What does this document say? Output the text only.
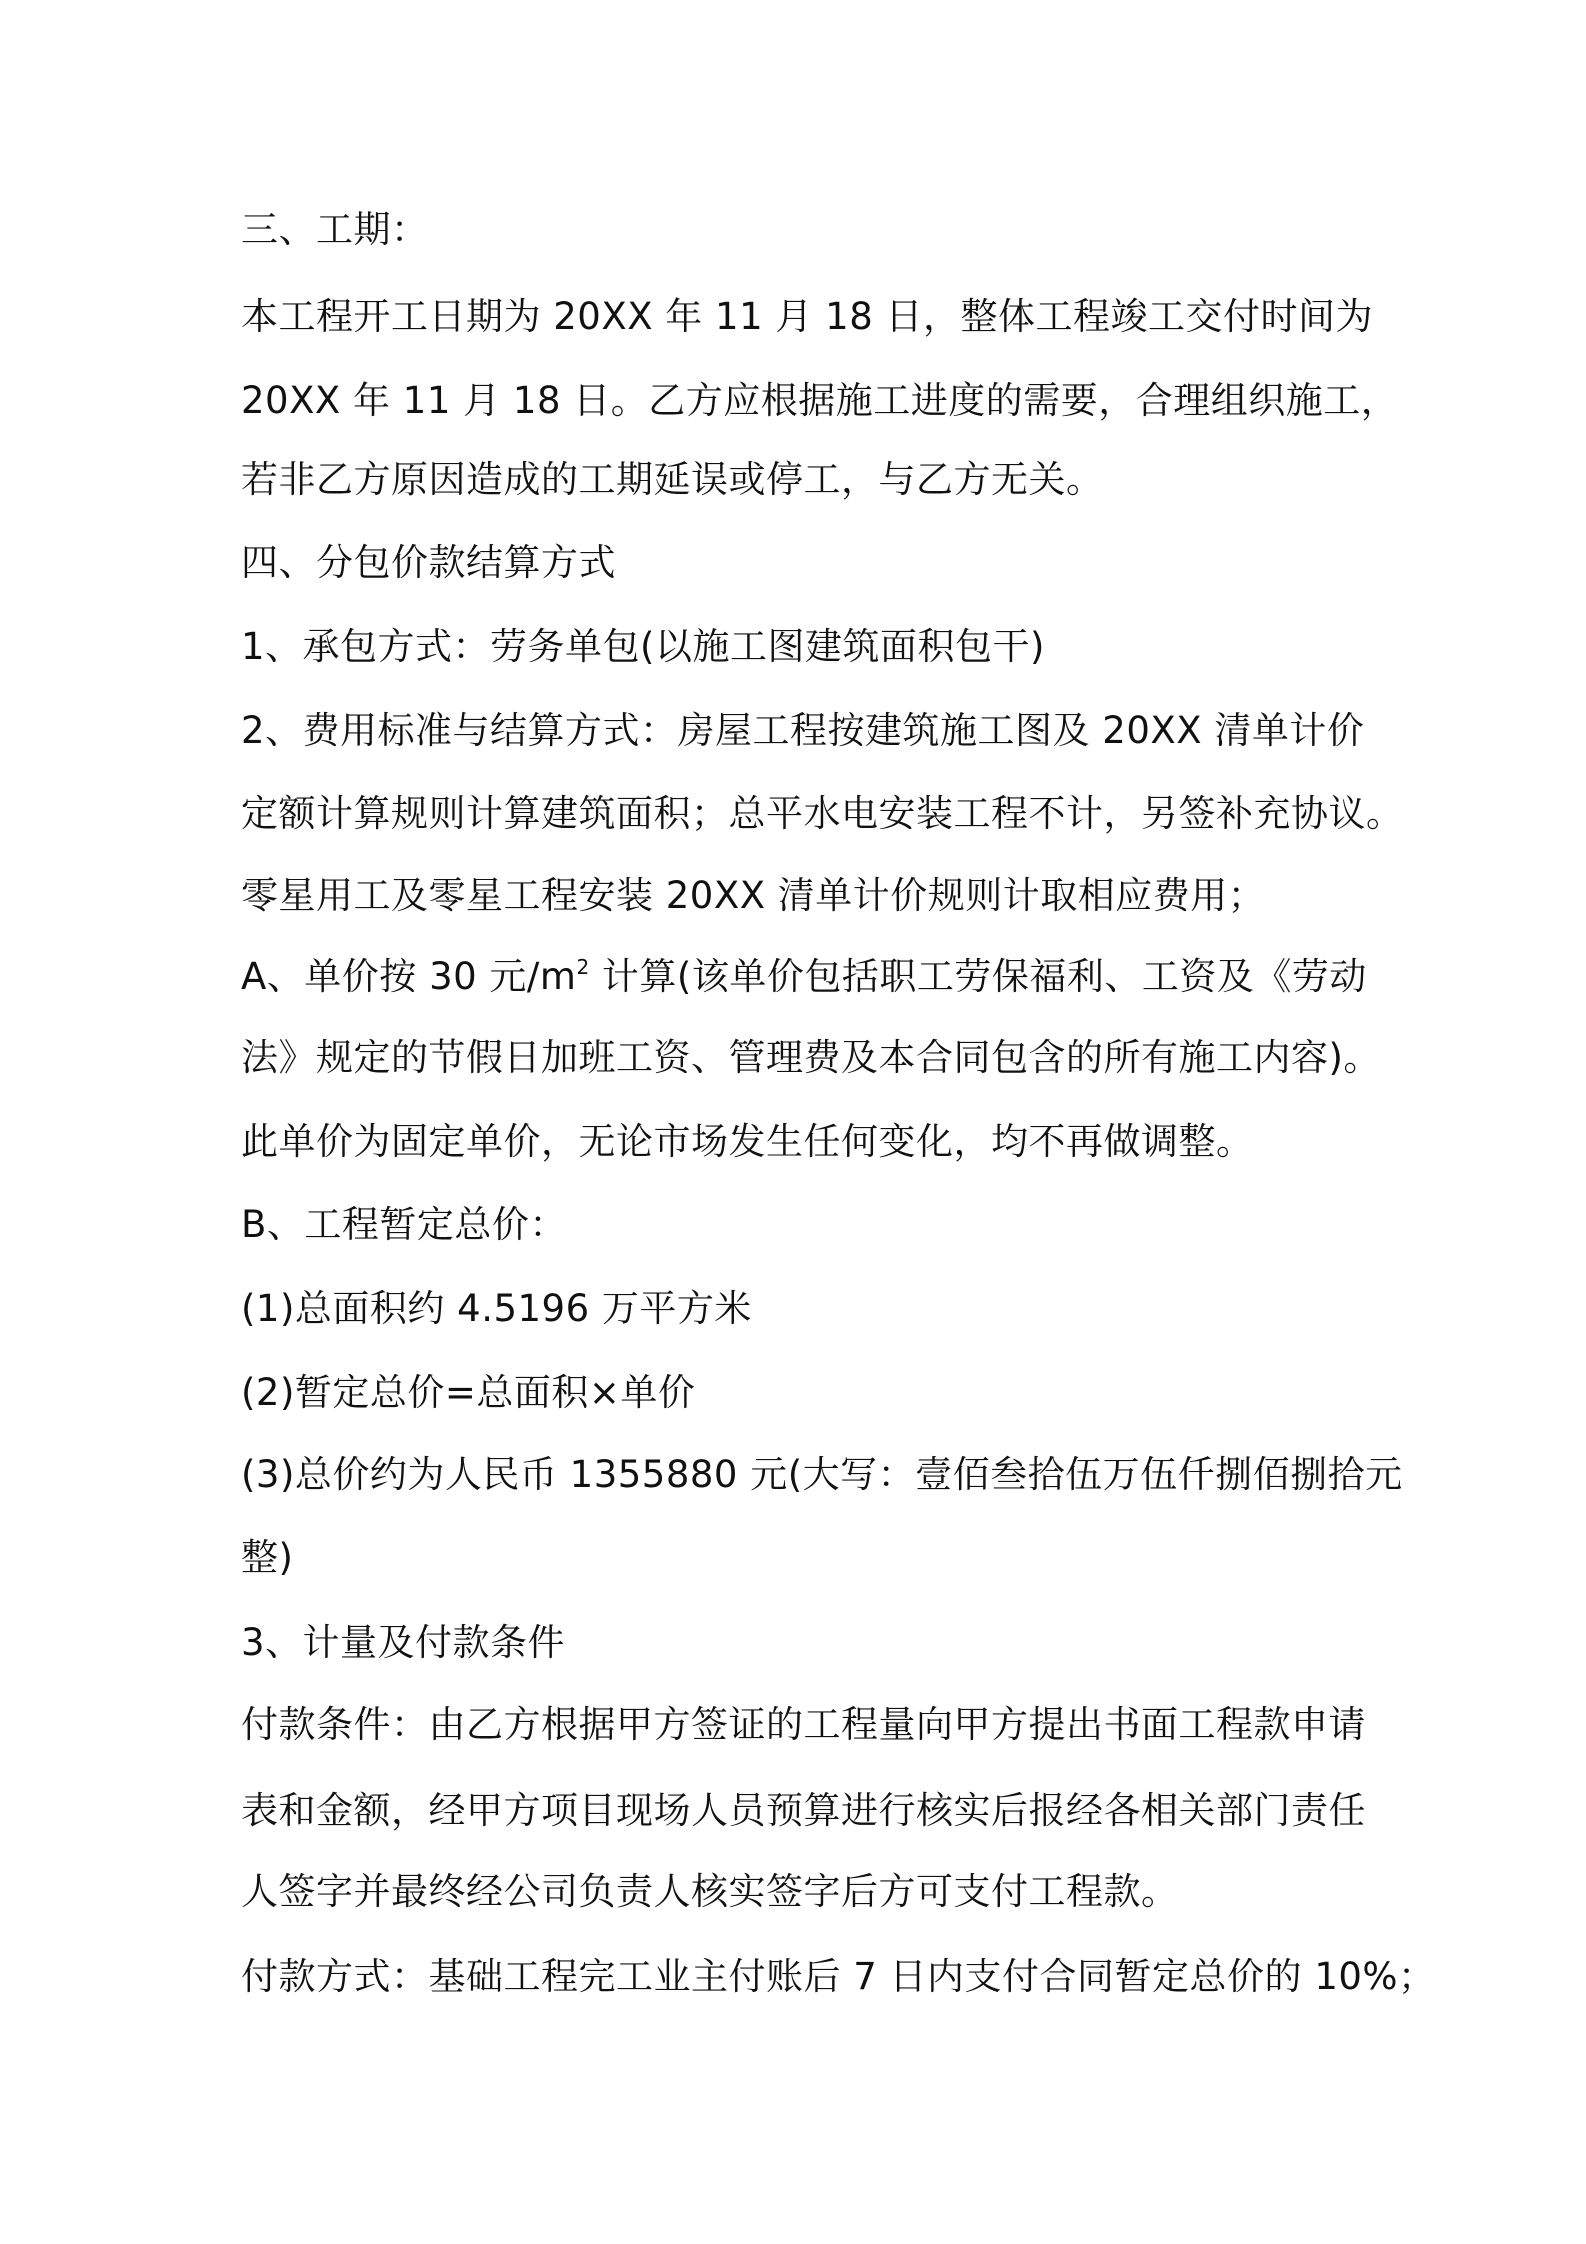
三、工期：

本工程开工日期为 20XX 年 11 月 18 日，整体工程竣工交付时间为

20XX 年 11 月 18 日。乙方应根据施工进度的需要，合理组织施工，

若非乙方原因造成的工期延误或停工，与乙方无关。

四、分包价款结算方式

1、承包方式：劳务单包(以施工图建筑面积包干)

2、费用标准与结算方式：房屋工程按建筑施工图及 20XX 清单计价

定额计算规则计算建筑面积；总平水电安装工程不计，另签补充协议。

零星用工及零星工程安装 20XX 清单计价规则计取相应费用；

A、单价按 30 元$/m^2$ 计算(该单价包括职工劳保福利、工资及《劳动

法》规定的节假日加班工资、管理费及本合同包含的所有施工内容)。

此单价为固定单价，无论市场发生任何变化，均不再做调整。

B、工程暂定总价：

(1)总面积约 4.5196 万平方米

(2)暂定总价=总面积×单价

(3)总价约为人民币 1355880 元(大写：壹佰叁拾伍万伍仟捌佰捌拾元

整)

3、计量及付款条件

付款条件：由乙方根据甲方签证的工程量向甲方提出书面工程款申请

表和金额，经甲方项目现场人员预算进行核实后报经各相关部门责任

人签字并最终经公司负责人核实签字后方可支付工程款。

付款方式：基础工程完工业主付账后 7 日内支付合同暂定总价的 10%；
